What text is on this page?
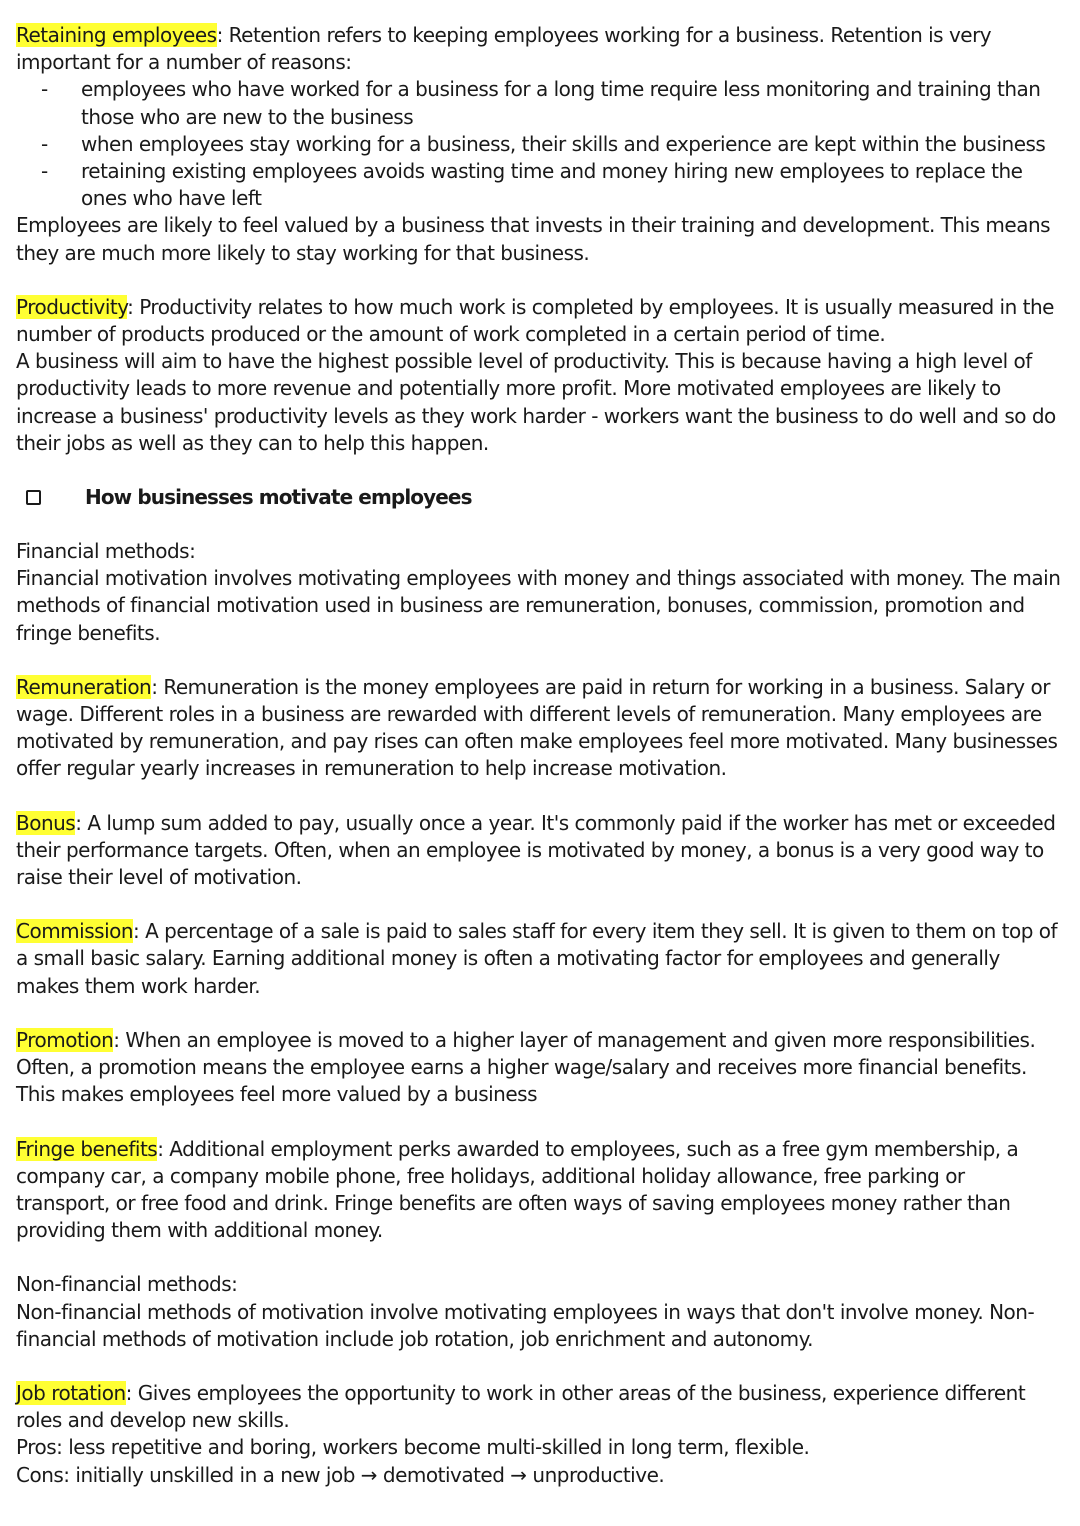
Retaining employees: Retention refers to keeping employees working for a business. Retention is very important for a number of reasons:

- employees who have worked for a business for a long time require less monitoring and training than those who are new to the business
- when employees stay working for a business, their skills and experience are kept within the business
- retaining existing employees avoids wasting time and money hiring new employees to replace the ones who have left

Employees are likely to feel valued by a business that invests in their training and development. This means they are much more likely to stay working for that business.

Productivity: Productivity relates to how much work is completed by employees. It is usually measured in the number of products produced or the amount of work completed in a certain period of time.

A business will aim to have the highest possible level of productivity. This is because having a high level of productivity leads to more revenue and potentially more profit. More motivated employees are likely to increase a business' productivity levels as they work harder - workers want the business to do well and so do their jobs as well as they can to help this happen.

How businesses motivate employees

Financial methods:

Financial motivation involves motivating employees with money and things associated with money. The main methods of financial motivation used in business are remuneration, bonuses, commission, promotion and fringe benefits.

Remuneration: Remuneration is the money employees are paid in return for working in a business. Salary or wage. Different roles in a business are rewarded with different levels of remuneration. Many employees are motivated by remuneration, and pay rises can often make employees feel more motivated. Many businesses offer regular yearly increases in remuneration to help increase motivation.

Bonus: A lump sum added to pay, usually once a year. It's commonly paid if the worker has met or exceeded their performance targets. Often, when an employee is motivated by money, a bonus is a very good way to raise their level of motivation.

Commission: A percentage of a sale is paid to sales staff for every item they sell. It is given to them on top of a small basic salary. Earning additional money is often a motivating factor for employees and generally makes them work harder.

Promotion: When an employee is moved to a higher layer of management and given more responsibilities. Often, a promotion means the employee earns a higher wage/salary and receives more financial benefits. This makes employees feel more valued by a business

Fringe benefits: Additional employment perks awarded to employees, such as a free gym membership, a company car, a company mobile phone, free holidays, additional holiday allowance, free parking or transport, or free food and drink. Fringe benefits are often ways of saving employees money rather than providing them with additional money.

Non-financial methods:

Non-financial methods of motivation involve motivating employees in ways that don't involve money. Non-financial methods of motivation include job rotation, job enrichment and autonomy.

Job rotation: Gives employees the opportunity to work in other areas of the business, experience different roles and develop new skills.

Pros: less repetitive and boring, workers become multi-skilled in long term, flexible.

Cons: initially unskilled in a new job → demotivated → unproductive.
